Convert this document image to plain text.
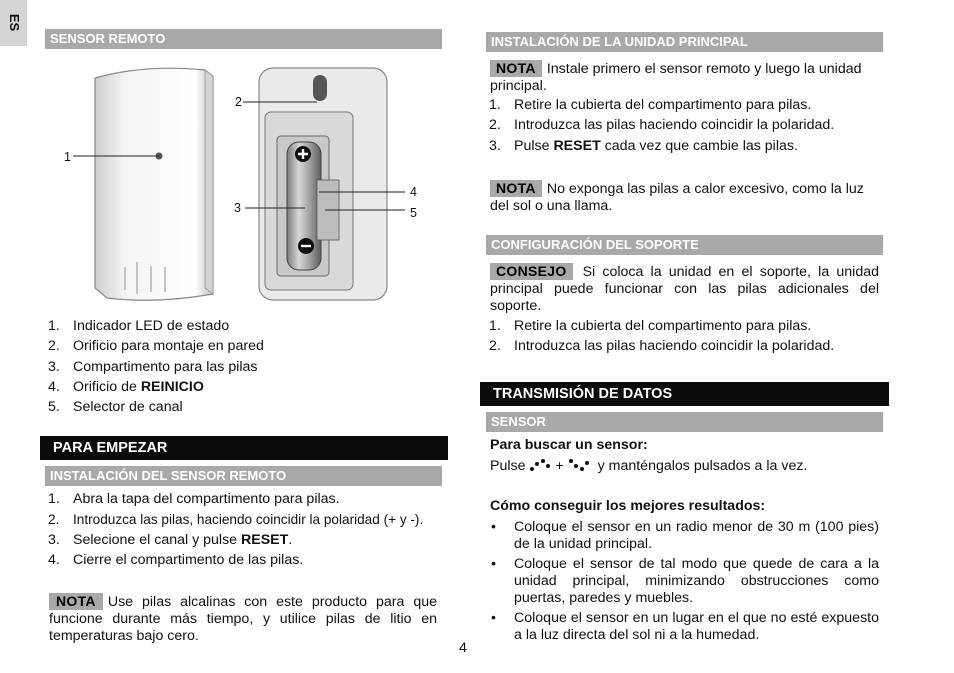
ES
SENSOR REMOTO
1
2
3
4
5
1. Indicador LED de estado
2. Orificio para montaje en pared
3. Compartimento para las pilas
4. Orificio de REINICIO
5. Selector de canal
PARA EMPEZAR
INSTALACIÓN DEL SENSOR REMOTO
1. Abra la tapa del compartimento para pilas.
2. Introduzca las pilas, haciendo coincidir la polaridad (+ y -).
3. Selecione el canal y pulse RESET.
4. Cierre el compartimento de las pilas.

NOTA Use pilas alcalinas con este producto para que funcione durante más tiempo, y utilice pilas de litio en temperaturas bajo cero.

INSTALACIÓN DE LA UNIDAD PRINCIPAL

NOTA Instale primero el sensor remoto y luego la unidad principal.

1. Retire la cubierta del compartimento para pilas.
2. Introduzca las pilas haciendo coincidir la polaridad.
3. Pulse RESET cada vez que cambie las pilas.

NOTA No exponga las pilas a calor excesivo, como la luz del sol o una llama.

CONFIGURACIÓN DEL SOPORTE

CONSEJO Si coloca la unidad en el soporte, la unidad principal puede funcionar con las pilas adicionales del soporte.

1. Retire la cubierta del compartimento para pilas.
2. Introduzca las pilas haciendo coincidir la polaridad.
TRANSMISIÓN DE DATOS
SENSOR

Para buscar un sensor:

Pulse + y manténgalos pulsados a la vez.

Cómo conseguir los mejores resultados:

• Coloque el sensor en un radio menor de 30 m (100 pies) de la unidad principal.
• Coloque el sensor de tal modo que quede de cara a la unidad principal, minimizando obstrucciones como puertas, paredes y muebles.
• Coloque el sensor en un lugar en el que no esté expuesto a la luz directa del sol ni a la humedad.
4
